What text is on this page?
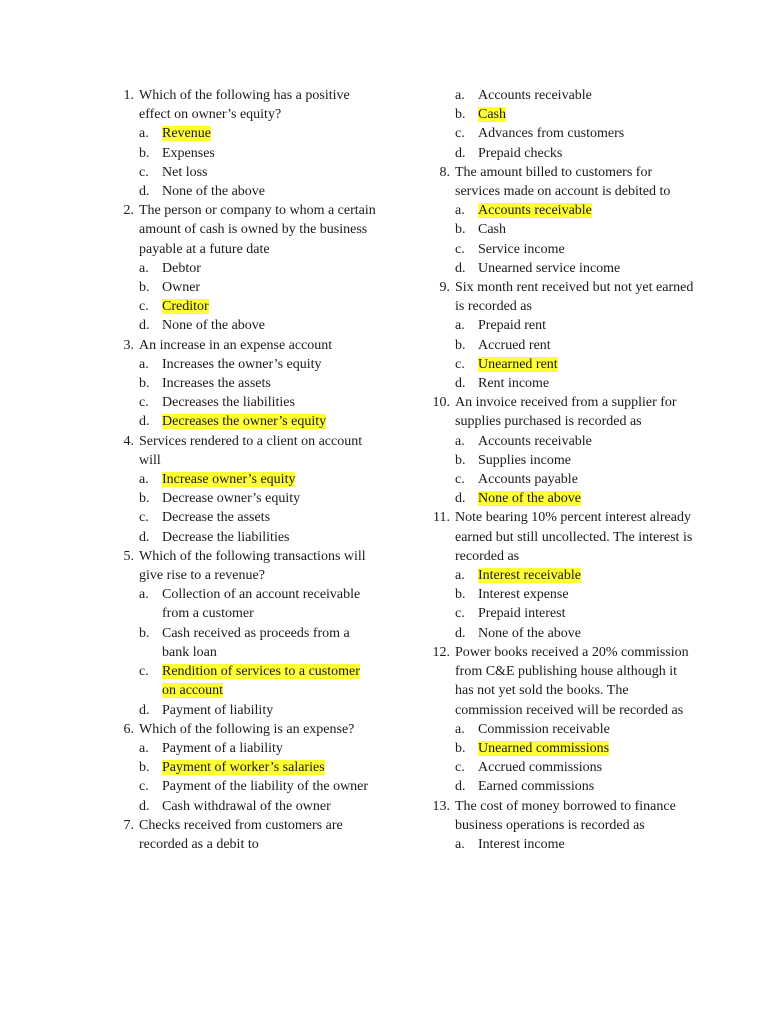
1. Which of the following has a positive effect on owner’s equity?
a. Revenue
b. Expenses
c. Net loss
d. None of the above
2. The person or company to whom a certain amount of cash is owned by the business payable at a future date
a. Debtor
b. Owner
c. Creditor
d. None of the above
3. An increase in an expense account
a. Increases the owner’s equity
b. Increases the assets
c. Decreases the liabilities
d. Decreases the owner’s equity
4. Services rendered to a client on account will
a. Increase owner’s equity
b. Decrease owner’s equity
c. Decrease the assets
d. Decrease the liabilities
5. Which of the following transactions will give rise to a revenue?
a. Collection of an account receivable from a customer
b. Cash received as proceeds from a bank loan
c. Rendition of services to a customer on account
d. Payment of liability
6. Which of the following is an expense?
a. Payment of a liability
b. Payment of worker’s salaries
c. Payment of the liability of the owner
d. Cash withdrawal of the owner
7. Checks received from customers are recorded as a debit to
a. Accounts receivable
b. Cash
c. Advances from customers
d. Prepaid checks
8. The amount billed to customers for services made on account is debited to
a. Accounts receivable
b. Cash
c. Service income
d. Unearned service income
9. Six month rent received but not yet earned is recorded as
a. Prepaid rent
b. Accrued rent
c. Unearned rent
d. Rent income
10. An invoice received from a supplier for supplies purchased is recorded as
a. Accounts receivable
b. Supplies income
c. Accounts payable
d. None of the above
11. Note bearing 10% percent interest already earned but still uncollected. The interest is recorded as
a. Interest receivable
b. Interest expense
c. Prepaid interest
d. None of the above
12. Power books received a 20% commission from C&E publishing house although it has not yet sold the books. The commission received will be recorded as
a. Commission receivable
b. Unearned commissions
c. Accrued commissions
d. Earned commissions
13. The cost of money borrowed to finance business operations is recorded as
a. Interest income
